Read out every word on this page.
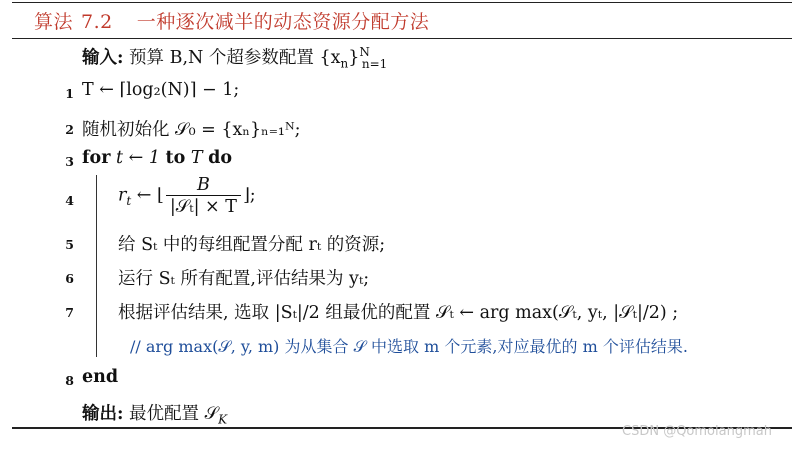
算法 7.2 一种逐次减半的动态资源分配方法
输入: 预算 B,N 个超参数配置 $\{x_n\}^N_{n=1}$
1 T ← ⌈log₂(N)⌉ − 1;
2 随机初始化 𝒮₀ = {xₙ}ₙ₌₁ᴺ;
3 for t ← 1 to T do
4	$r_t$ ← ⌊ $\frac{B}{\text{|𝒮ₜ| × T}}$ ⌋;
5	给 Sₜ 中的每组配置分配 rₜ 的资源;
6	运行 Sₜ 所有配置,评估结果为 yₜ;
7	根据评估结果, 选取 |Sₜ|/2 组最优的配置 𝒮ₜ ← arg max(𝒮ₜ, yₜ, |𝒮ₜ|/2) ;
// arg max(𝒮, y, m) 为从集合 𝒮 中选取 m 个元素,对应最优的 m 个评估结果.
8 end
输出: 最优配置 𝒮$_K$
CSDN @Qomolangmah
